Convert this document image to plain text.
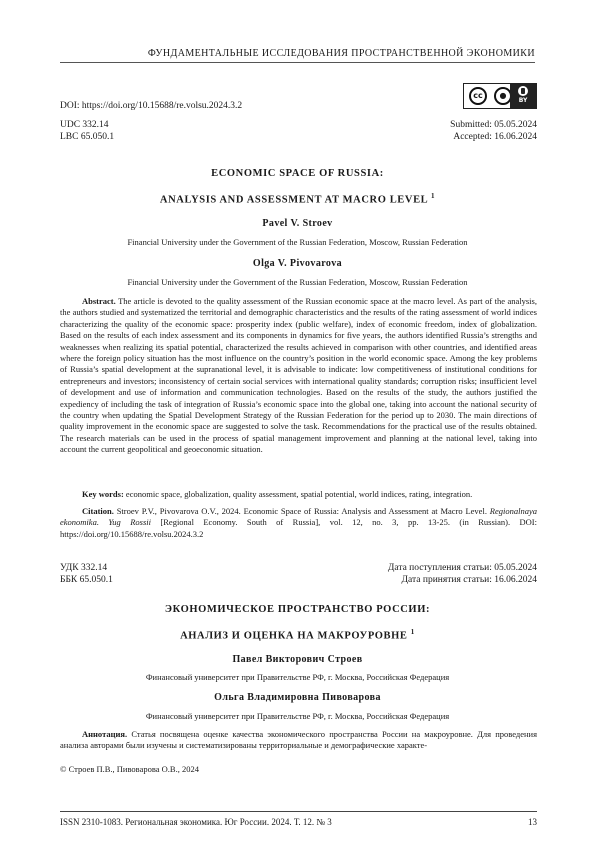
ФУНДАМЕНТАЛЬНЫЕ ИССЛЕДОВАНИЯ ПРОСТРАНСТВЕННОЙ ЭКОНОМИКИ
DOI: https://doi.org/10.15688/re.volsu.2024.3.2
cc	●
BY
UDC 332.14
LBC 65.050.1
Submitted: 05.05.2024
Accepted: 16.06.2024
ECONOMIC SPACE OF RUSSIA:
ANALYSIS AND ASSESSMENT AT MACRO LEVEL $^1$
Pavel V. Stroev
Financial University under the Government of the Russian Federation, Moscow, Russian Federation
Olga V. Pivovarova
Financial University under the Government of the Russian Federation, Moscow, Russian Federation
Abstract. The article is devoted to the quality assessment of the Russian economic space at the macro level. As part of the analysis, the authors studied and systematized the territorial and demographic characteristics and the results of the rating assessment of world indices characterizing the quality of the economic space: prosperity index (public welfare), index of economic freedom, index of globalization. Based on the results of each index assessment and its components in dynamics for five years, the authors identified Russia’s strengths and weaknesses when realizing its spatial potential, characterized the results achieved in comparison with other countries, and identified areas where the foreign policy situation has the most influence on the country’s position in the world economic space. Among the key problems of Russia’s spatial development at the supranational level, it is advisable to indicate: low competitiveness of institutional conditions for entrepreneurs and investors; inconsistency of certain social services with international quality standards; corruption risks; insufficient level of development and use of information and communication technologies. Based on the results of the study, the authors justified the expediency of including the task of integration of Russia’s economic space into the global one, taking into account the national security of the country when updating the Spatial Development Strategy of the Russian Federation for the period up to 2030. The main directions of quality improvement in the economic space are suggested to solve the task. Recommendations for the practical use of the results obtained. The research materials can be used in the process of spatial management improvement and planning at the national level, taking into account the current geopolitical and geoeconomic situation.
Key words: economic space, globalization, quality assessment, spatial potential, world indices, rating, integration.
Citation. Stroev P.V., Pivovarova O.V., 2024. Economic Space of Russia: Analysis and Assessment at Macro Level. Regionalnaya ekonomika. Yug Rossii [Regional Economy. South of Russia], vol. 12, no. 3, pp. 13-25. (in Russian). DOI: https://doi.org/10.15688/re.volsu.2024.3.2
УДК 332.14
ББК 65.050.1
Дата поступления статьи: 05.05.2024
Дата принятия статьи: 16.06.2024
ЭКОНОМИЧЕСКОЕ ПРОСТРАНСТВО РОССИИ:
АНАЛИЗ И ОЦЕНКА НА МАКРОУРОВНЕ $^1$
Павел Викторович Строев
Финансовый университет при Правительстве РФ, г. Москва, Российская Федерация
Ольга Владимировна Пивоварова
Финансовый университет при Правительстве РФ, г. Москва, Российская Федерация
Аннотация. Статья посвящена оценке качества экономического пространства России на макроуровне. Для проведения анализа авторами были изучены и систематизированы территориальные и демографические характе-
© Строев П.В., Пивоварова О.В., 2024
ISSN 2310-1083. Региональная экономика. Юг России. 2024. Т. 12. № 3	13
